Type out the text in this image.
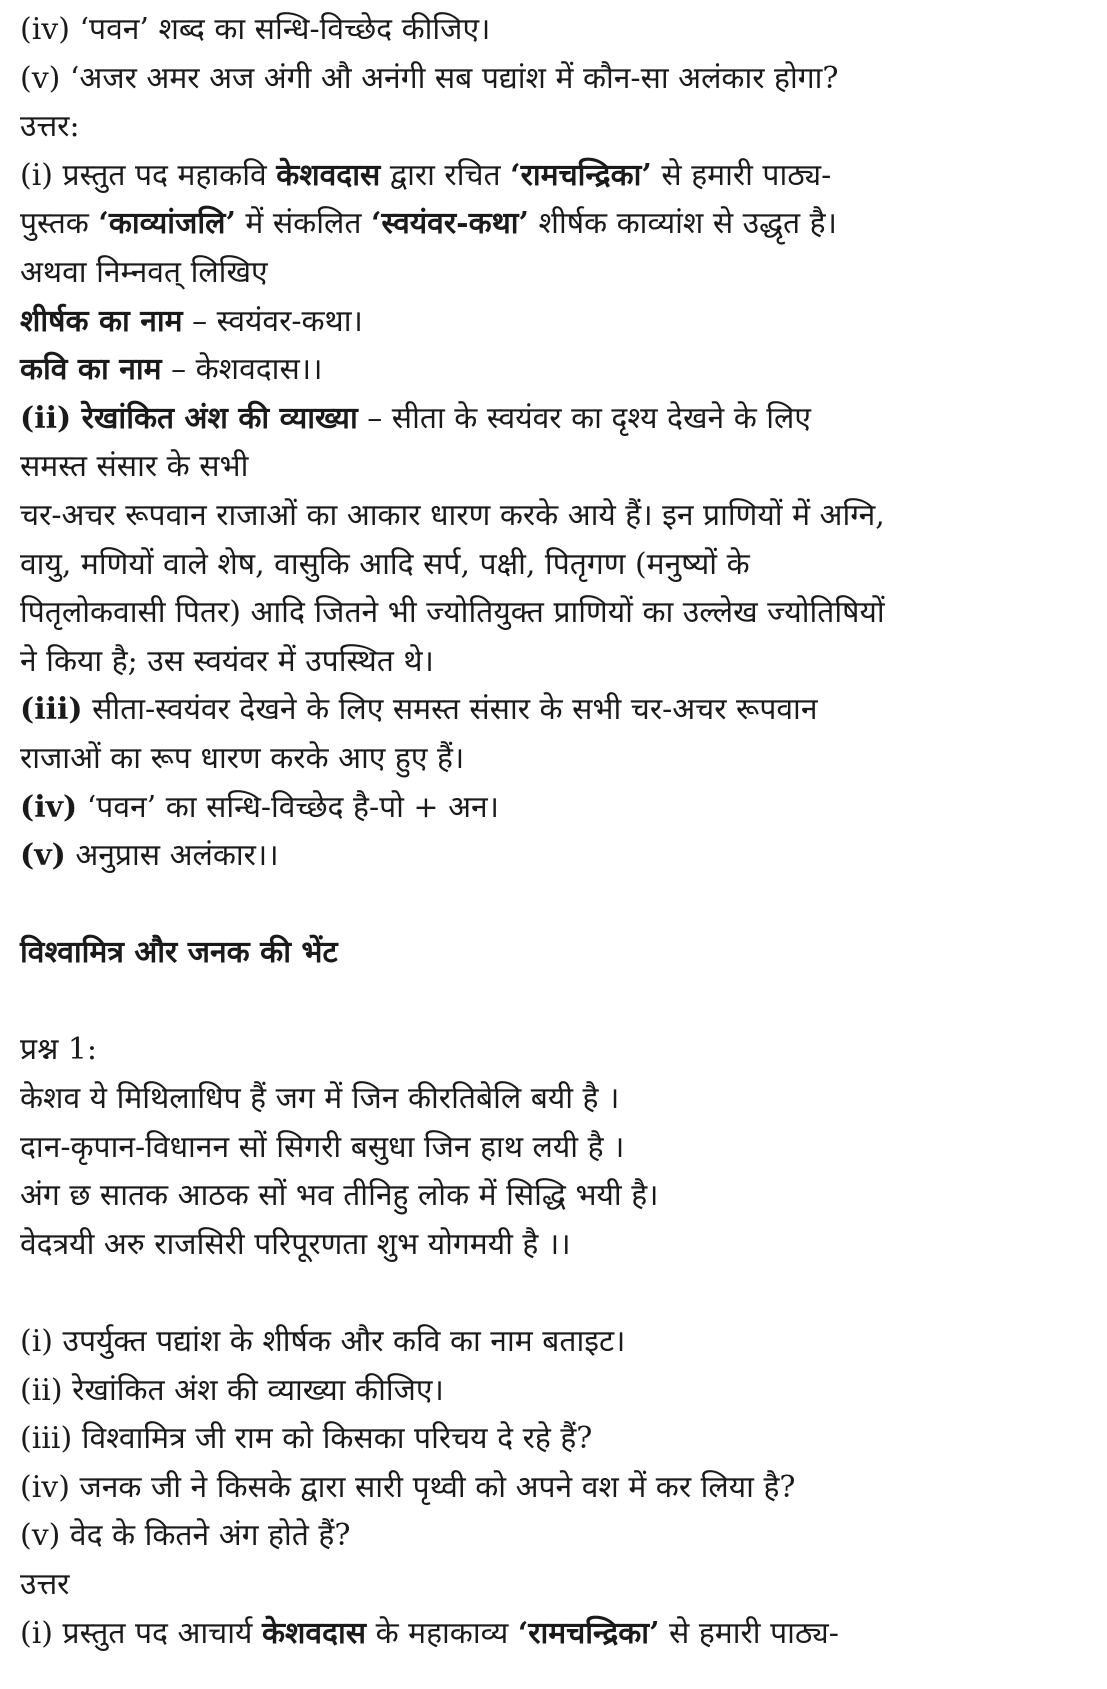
(iv) ‘पवन’ शब्द का सन्धि-विच्छेद कीजिए।
(v) ‘अजर अमर अज अंगी औ अनंगी सब पद्यांश में कौन-सा अलंकार होगा?
उत्तर:
(i) प्रस्तुत पद महाकवि केशवदास द्वारा रचित ‘रामचन्द्रिका’ से हमारी पाठ्य-
पुस्तक ‘काव्यांजलि’ में संकलित ‘स्वयंवर-कथा’ शीर्षक काव्यांश से उद्धृत है।
अथवा निम्नवत् लिखिए
शीर्षक का नाम – स्वयंवर-कथा।
कवि का नाम – केशवदास।।
(ii) रेखांकित अंश की व्याख्या – सीता के स्वयंवर का दृश्य देखने के लिए
समस्त संसार के सभी
चर-अचर रूपवान राजाओं का आकार धारण करके आये हैं। इन प्राणियों में अग्नि,
वायु, मणियों वाले शेष, वासुकि आदि सर्प, पक्षी, पितृगण (मनुष्यों के
पितृलोकवासी पितर) आदि जितने भी ज्योतियुक्त प्राणियों का उल्लेख ज्योतिषियों
ने किया है; उस स्वयंवर में उपस्थित थे।
(iii) सीता-स्वयंवर देखने के लिए समस्त संसार के सभी चर-अचर रूपवान
राजाओं का रूप धारण करके आए हुए हैं।
(iv) ‘पवन’ का सन्धि-विच्छेद है-पो + अन।
(v) अनुप्रास अलंकार।।
विश्वामित्र और जनक की भेंट
प्रश्न 1:
केशव ये मिथिलाधिप हैं जग में जिन कीरतिबेलि बयी है ।
दान-कृपान-विधानन सों सिगरी बसुधा जिन हाथ लयी है ।
अंग छ सातक आठक सों भव तीनिहु लोक में सिद्धि भयी है।
वेदत्रयी अरु राजसिरी परिपूरणता शुभ योगमयी है ।।
(i) उपर्युक्त पद्यांश के शीर्षक और कवि का नाम बताइट।
(ii) रेखांकित अंश की व्याख्या कीजिए।
(iii) विश्वामित्र जी राम को किसका परिचय दे रहे हैं?
(iv) जनक जी ने किसके द्वारा सारी पृथ्वी को अपने वश में कर लिया है?
(v) वेद के कितने अंग होते हैं?
उत्तर
(i) प्रस्तुत पद आचार्य केशवदास के महाकाव्य ‘रामचन्द्रिका’ से हमारी पाठ्य-
